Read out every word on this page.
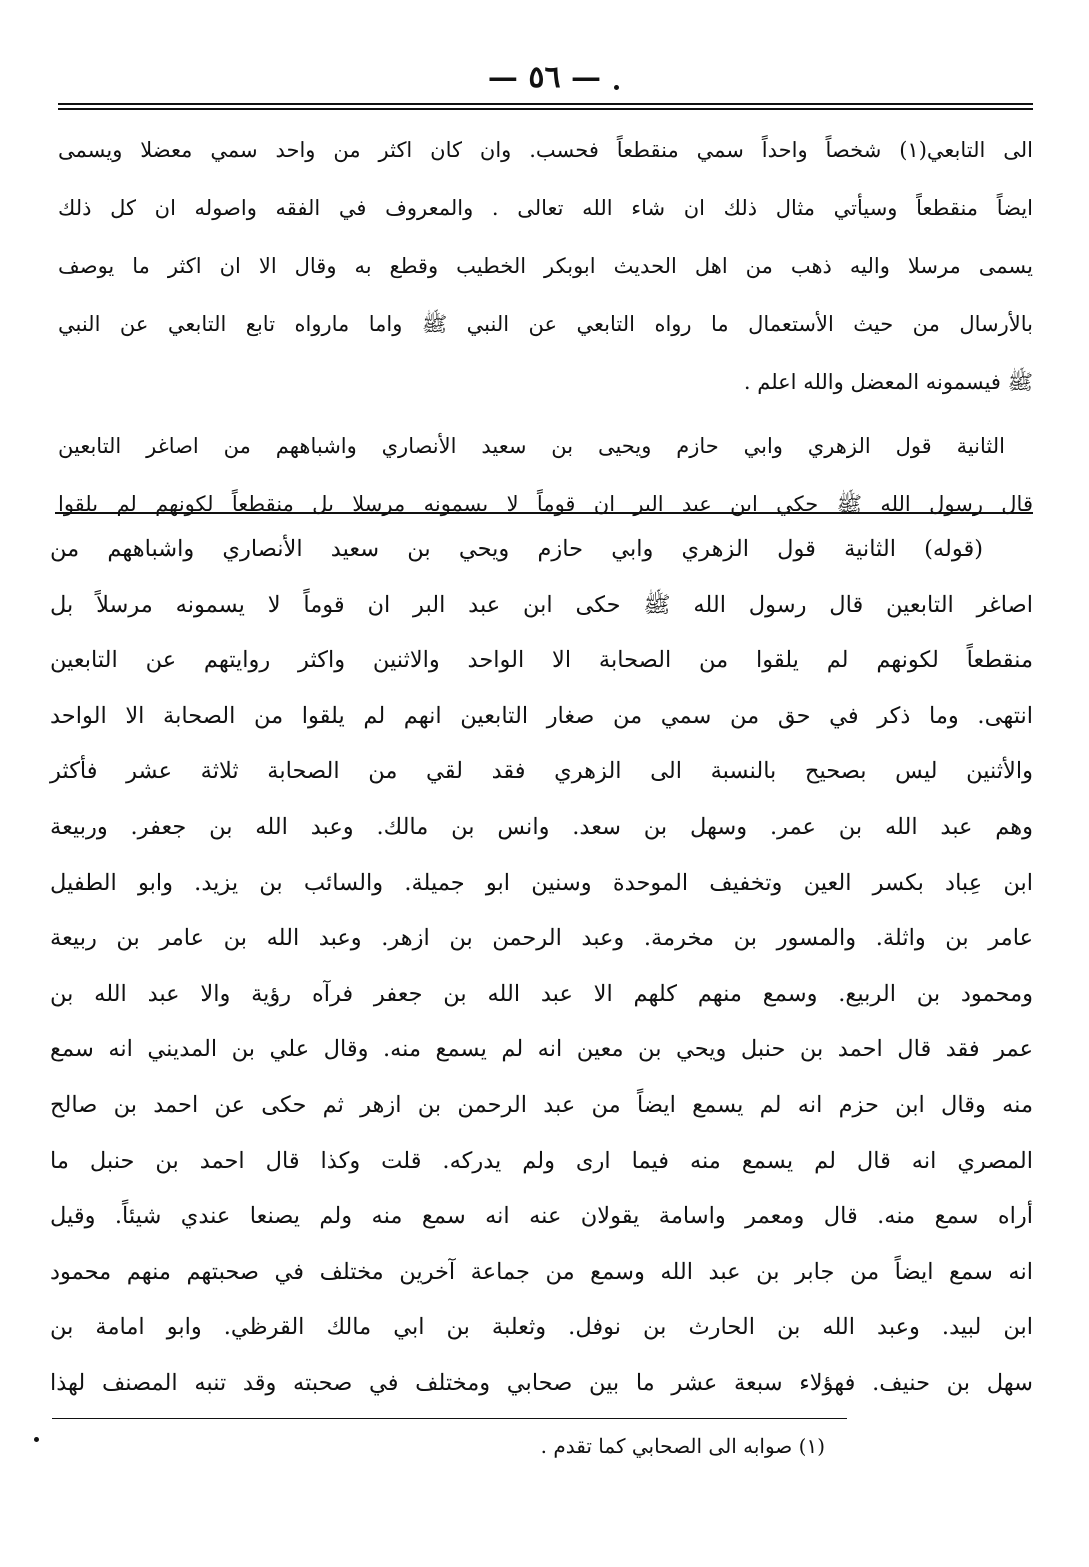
— ٥٦ —
الى التابعي(١) شخصاً واحداً سمي منقطعاً فحسب. وان كان اكثر من واحد سمي معضلا ويسمى
ايضاً منقطعاً وسيأتي مثال ذلك ان شاء الله تعالى . والمعروف في الفقه واصوله ان كل ذلك
يسمى مرسلا واليه ذهب من اهل الحديث ابوبكر الخطيب وقطع به وقال الا ان اكثر ما يوصف
بالأرسال من حيث الأستعمال ما رواه التابعي عن النبي ﷺ واما مارواه تابع التابعي عن النبي
ﷺ فيسمونه المعضل والله اعلم .
الثانية قول الزهري وابي حازم ويحيى بن سعيد الأنصاري واشباههم من اصاغر التابعين
قال رسول الله ﷺ حكي ابن عبد البر ان قوماً لا يسمونه مرسلا بل منقطعاً لكونهم لم يلقوا
(قوله) الثانية قول الزهري وابي حازم ويحي بن سعيد الأنصاري واشباههم من
اصاغر التابعين قال رسول الله ﷺ حكى ابن عبد البر ان قوماً لا يسمونه مرسلاً بل
منقطعاً لكونهم لم يلقوا من الصحابة الا الواحد والاثنين واكثر روايتهم عن التابعين
انتهى. وما ذكر في حق من سمي من صغار التابعين انهم لم يلقوا من الصحابة الا الواحد
والأثنين ليس بصحيح بالنسبة الى الزهري فقد لقي من الصحابة ثلاثة عشر فأكثر
وهم عبد الله بن عمر. وسهل بن سعد. وانس بن مالك. وعبد الله بن جعفر. وربيعة
ابن عِباد بكسر العين وتخفيف الموحدة وسنين ابو جميلة. والسائب بن يزيد. وابو الطفيل
عامر بن واثلة. والمسور بن مخرمة. وعبد الرحمن بن ازهر. وعبد الله بن عامر بن ربيعة
ومحمود بن الربيع. وسمع منهم كلهم الا عبد الله بن جعفر فرآه رؤية والا عبد الله بن
عمر فقد قال احمد بن حنبل ويحي بن معين انه لم يسمع منه. وقال علي بن المديني انه سمع
منه وقال ابن حزم انه لم يسمع ايضاً من عبد الرحمن بن ازهر ثم حكى عن احمد بن صالح
المصري انه قال لم يسمع منه فيما ارى ولم يدركه. قلت وكذا قال احمد بن حنبل ما
أراه سمع منه. قال ومعمر واسامة يقولان عنه انه سمع منه ولم يصنعا عندي شيئاً. وقيل
انه سمع ايضاً من جابر بن عبد الله وسمع من جماعة آخرين مختلف في صحبتهم منهم محمود
ابن لبيد. وعبد الله بن الحارث بن نوفل. وثعلبة بن ابي مالك القرظي. وابو امامة بن
سهل بن حنيف. فهؤلاء سبعة عشر ما بين صحابي ومختلف في صحبته وقد تنبه المصنف لهذا
(١) صوابه الى الصحابي كما تقدم .
